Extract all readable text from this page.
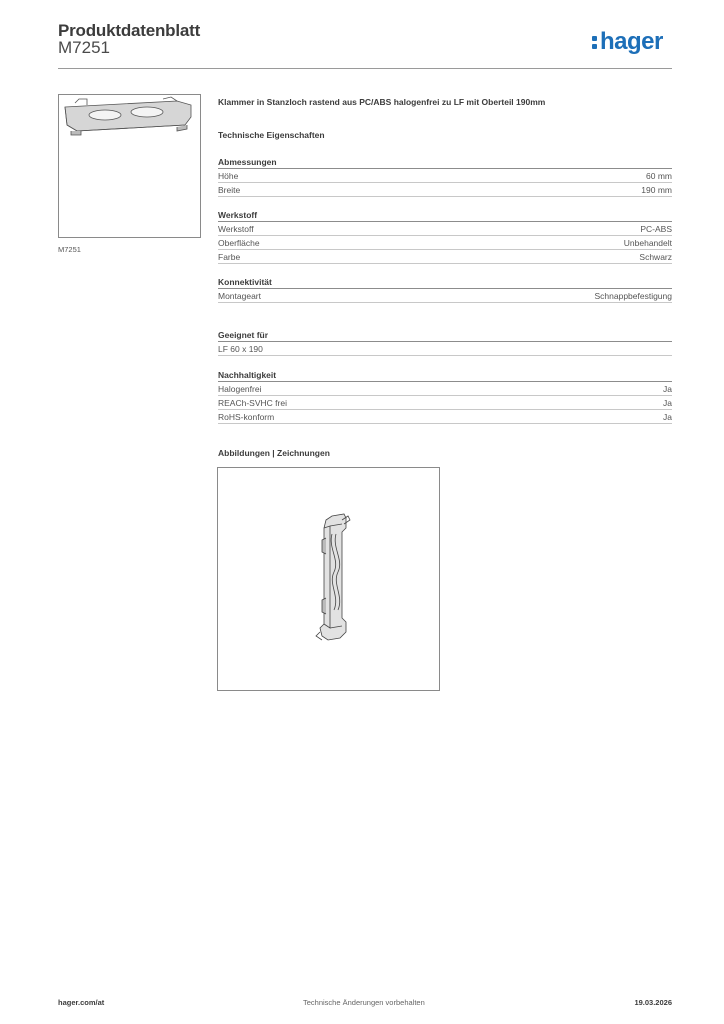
Produktdatenblatt
M7251	hager
M7251
Klammer in Stanzloch rastend aus PC/ABS halogenfrei zu LF mit Oberteil 190mm
Technische Eigenschaften
Abmessungen
Höhe	60 mm
Breite	190 mm
Werkstoff
Werkstoff	PC-ABS
Oberfläche	Unbehandelt
Farbe	Schwarz
Konnektivität
Montageart	Schnappbefestigung
Geeignet für
LF 60 x 190
Nachhaltigkeit
Halogenfrei	Ja
REACh-SVHC frei	Ja
RoHS-konform	Ja
Abbildungen | Zeichnungen
hager.com/at	Technische Änderungen vorbehalten	19.03.2026
